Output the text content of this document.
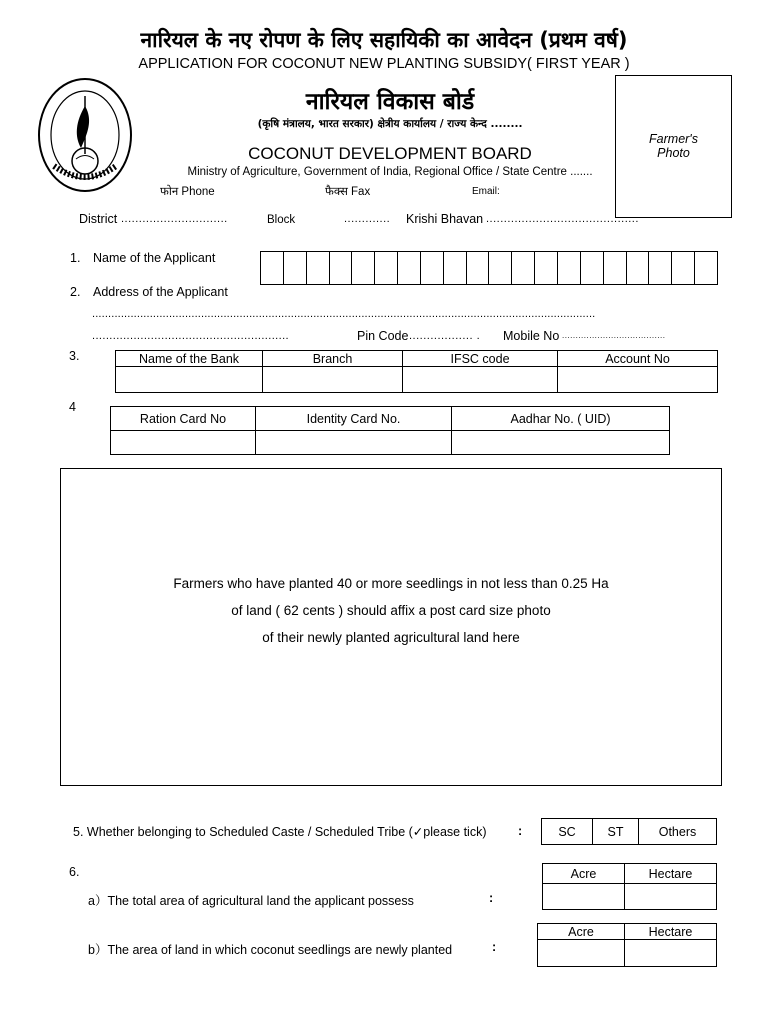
नारियल के नए रोपण के लिए सहायिकी का आवेदन (प्रथम वर्ष)
APPLICATION FOR COCONUT NEW PLANTING SUBSIDY( FIRST YEAR )
नारियल विकास बोर्ड
(कृषि मंत्रालय, भारत सरकार) क्षेत्रीय कार्यालय / राज्य केन्द ........
COCONUT DEVELOPMENT BOARD
Ministry of Agriculture, Government of India, Regional Office / State Centre .......
फोन Phone	फैक्स Fax	Email:
Farmer's
Photo
District ..............................	Block	............. Krishi Bhavan ...........................................
1. Name of the Applicant
2. Address of the Applicant
.............................................................................................................................................................
.........................................................	Pin Code .................. . Mobile No ......................................
3.	Name of the Bank	Branch	IFSC code	Account No

4
Ration Card No	Identity Card No.	Aadhar No. ( UID)

Farmers who have planted 40 or more seedlings in not less than 0.25 Ha

of land ( 62 cents ) should affix a post card size photo

of their newly planted agricultural land here

5. Whether belonging to Scheduled Caste / Scheduled Tribe (✓please tick)	:	SC	ST	Others
6.
a）The total area of agricultural land the applicant possess	:
Acre	Hectare

b）The area of land in which coconut seedlings are newly planted	:
Acre	Hectare
